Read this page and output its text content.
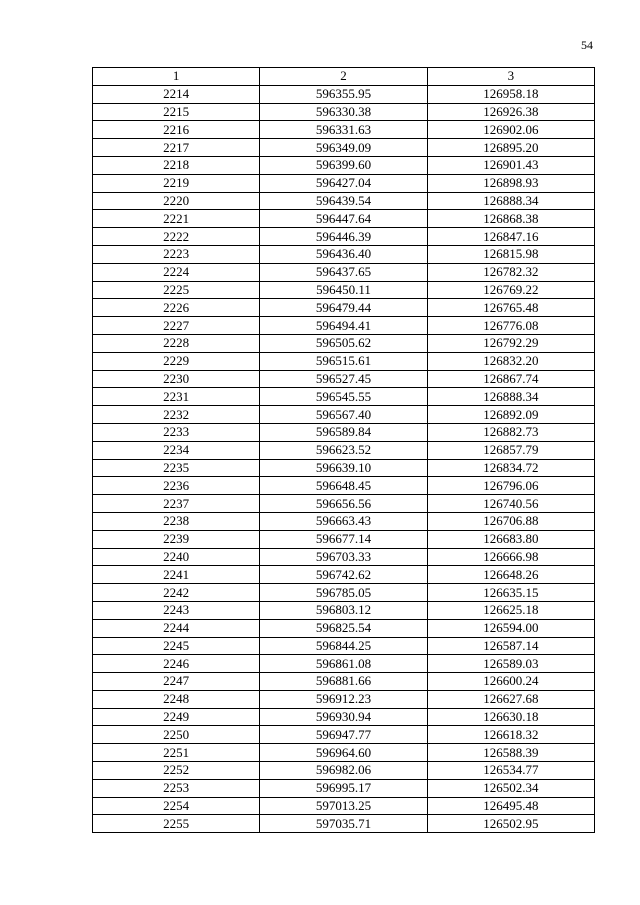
54
1	2	3
2214	596355.95	126958.18
2215	596330.38	126926.38
2216	596331.63	126902.06
2217	596349.09	126895.20
2218	596399.60	126901.43
2219	596427.04	126898.93
2220	596439.54	126888.34
2221	596447.64	126868.38
2222	596446.39	126847.16
2223	596436.40	126815.98
2224	596437.65	126782.32
2225	596450.11	126769.22
2226	596479.44	126765.48
2227	596494.41	126776.08
2228	596505.62	126792.29
2229	596515.61	126832.20
2230	596527.45	126867.74
2231	596545.55	126888.34
2232	596567.40	126892.09
2233	596589.84	126882.73
2234	596623.52	126857.79
2235	596639.10	126834.72
2236	596648.45	126796.06
2237	596656.56	126740.56
2238	596663.43	126706.88
2239	596677.14	126683.80
2240	596703.33	126666.98
2241	596742.62	126648.26
2242	596785.05	126635.15
2243	596803.12	126625.18
2244	596825.54	126594.00
2245	596844.25	126587.14
2246	596861.08	126589.03
2247	596881.66	126600.24
2248	596912.23	126627.68
2249	596930.94	126630.18
2250	596947.77	126618.32
2251	596964.60	126588.39
2252	596982.06	126534.77
2253	596995.17	126502.34
2254	597013.25	126495.48
2255	597035.71	126502.95
